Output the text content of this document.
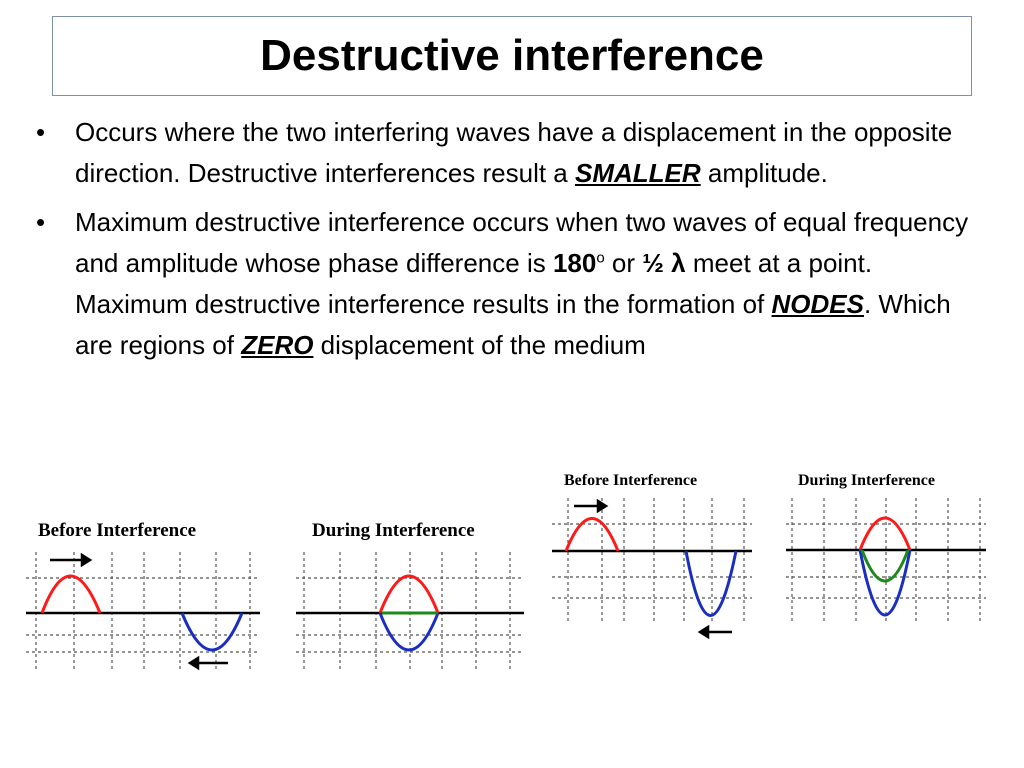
Destructive interference
• Occurs where the two interfering waves have a displacement in the opposite direction. Destructive interferences result a SMALLER amplitude.
• Maximum destructive interference occurs when two waves of equal frequency and amplitude whose phase difference is 180$^o$ or ½ λ meet at a point. Maximum destructive interference results in the formation of NODES. Which are regions of ZERO displacement of the medium
Before Interference	During Interference
Before Interference	During Interference
